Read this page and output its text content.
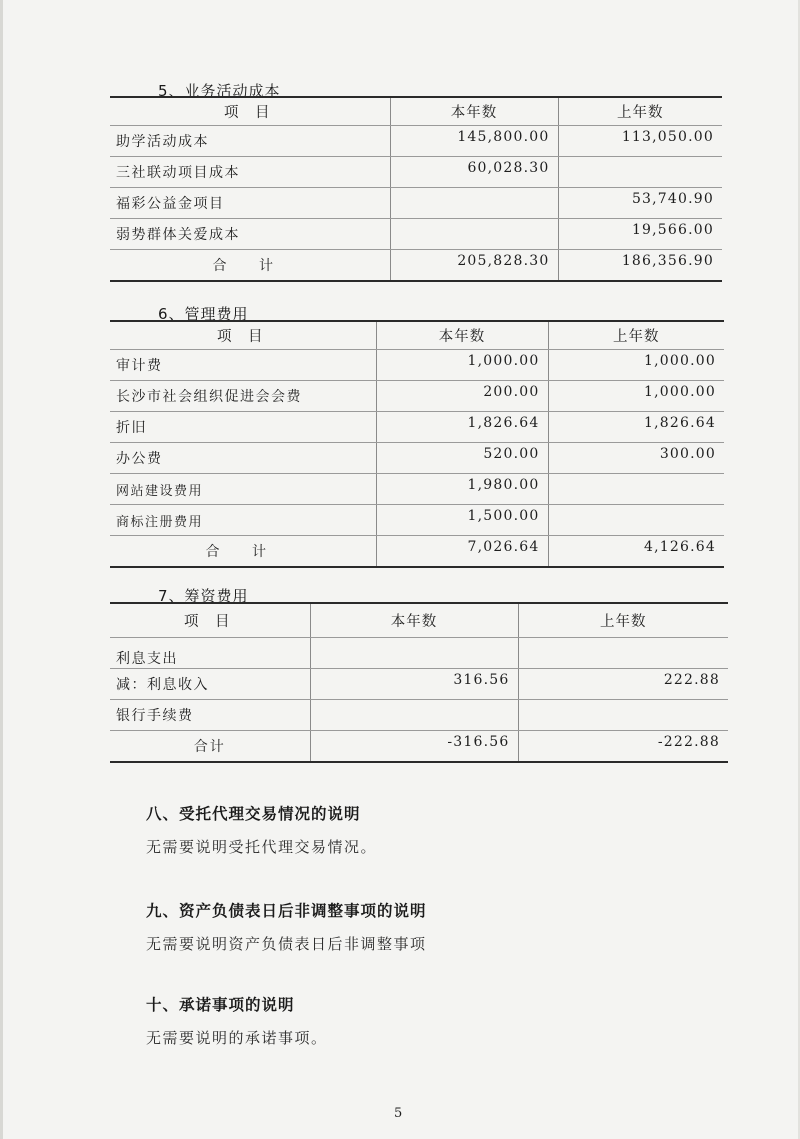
5、业务活动成本
项 目	本年数	上年数
助学活动成本	145,800.00	113,050.00
三社联动项目成本	60,028.30	
福彩公益金项目		53,740.90
弱势群体关爱成本		19,566.00
合 计	205,828.30	186,356.90
6、管理费用
项 目	本年数	上年数
审计费	1,000.00	1,000.00
长沙市社会组织促进会会费	200.00	1,000.00
折旧	1,826.64	1,826.64
办公费	520.00	300.00
网站建设费用	1,980.00	
商标注册费用	1,500.00	
合 计	7,026.64	4,126.64
7、筹资费用
项 目	本年数	上年数
利息支出		
减：利息收入	316.56	222.88
银行手续费		
合计	-316.56	-222.88
八、受托代理交易情况的说明
无需要说明受托代理交易情况。
九、资产负债表日后非调整事项的说明
无需要说明资产负债表日后非调整事项
十、承诺事项的说明
无需要说明的承诺事项。
5
